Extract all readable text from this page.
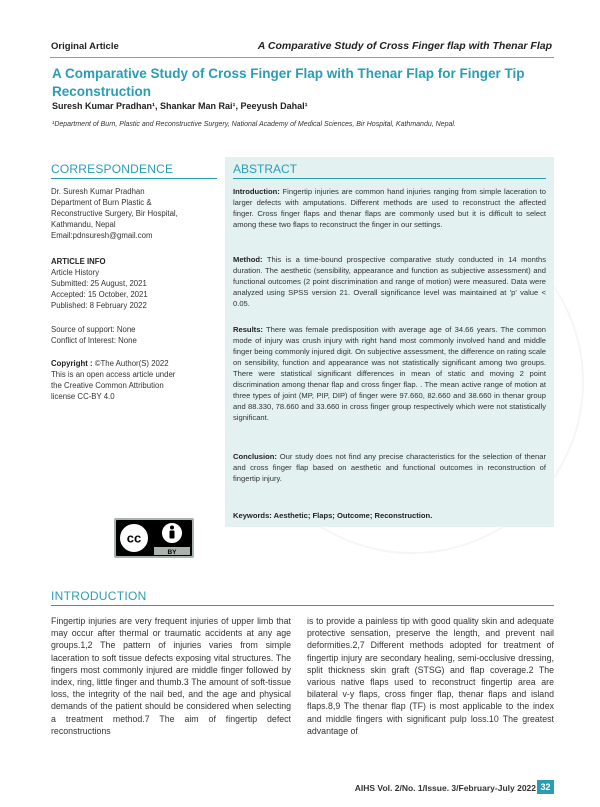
Original Article	A Comparative Study of Cross Finger flap with Thenar Flap
A Comparative Study of Cross Finger Flap with Thenar Flap for Finger Tip Reconstruction
Suresh Kumar Pradhan¹, Shankar Man Rai¹, Peeyush Dahal¹
¹Department of Burn, Plastic and Reconstructive Surgery, National Academy of Medical Sciences, Bir Hospital, Kathmandu, Nepal.
CORRESPONDENCE
Dr. Suresh Kumar Pradhan
Department of Burn Plastic &
Reconstructive Surgery, Bir Hospital,
Kathmandu, Nepal
Email:pdnsuresh@gmail.com
ARTICLE INFO
Article History
Submitted: 25 August, 2021
Accepted: 15 October, 2021
Published: 8 February 2022
Source of support: None
Conflict of Interest: None
Copyright : ©The Author(S) 2022 This is an open access article under the Creative Common Attribution license CC-BY 4.0
cc
BY
ABSTRACT
Introduction: Fingertip injuries are common hand injuries ranging from simple laceration to larger defects with amputations. Different methods are used to reconstruct the affected finger. Cross finger flaps and thenar flaps are commonly used but it is difficult to select among these two flaps to reconstruct the finger in our settings.
Method: This is a time-bound prospective comparative study conducted in 14 months duration. The aesthetic (sensibility, appearance and function as subjective assessment) and functional outcomes (2 point discrimination and range of motion) were measured. Data were analyzed using SPSS version 21. Overall significance level was maintained at 'p' value < 0.05.
Results: There was female predisposition with average age of 34.66 years. The common mode of injury was crush injury with right hand most commonly involved hand and middle finger being commonly injured digit. On subjective assessment, the difference on rating scale on sensibility, function and appearance was not statistically significant among two groups. There were statistical significant differences in mean of static and moving 2 point discrimination among thenar flap and cross finger flap. . The mean active range of motion at three types of joint (MP, PIP, DIP) of finger were 97.660, 82.660 and 38.660 in thenar group and 88.330, 78.660 and 33.660 in cross finger group respectively which were not statistically significant.
Conclusion: Our study does not find any precise characteristics for the selection of thenar and cross finger flap based on aesthetic and functional outcomes in reconstruction of fingertip injury.
Keywords: Aesthetic; Flaps; Outcome; Reconstruction.
INTRODUCTION
Fingertip injuries are very frequent injuries of upper limb that may occur after thermal or traumatic accidents at any age groups.1,2 The pattern of injuries varies from simple laceration to soft tissue defects exposing vital structures. The fingers most commonly injured are middle finger followed by index, ring, little finger and thumb.3 The amount of soft-tissue loss, the integrity of the nail bed, and the age and physical demands of the patient should be considered when selecting a treatment method.7 The aim of fingertip defect reconstructions
is to provide a painless tip with good quality skin and adequate protective sensation, preserve the length, and prevent nail deformities.2,7 Different methods adopted for treatment of fingertip injury are secondary healing, semi-occlusive dressing, split thickness skin graft (STSG) and flap coverage.2 The various native flaps used to reconstruct fingertip area are bilateral v-y flaps, cross finger flap, thenar flaps and island flaps.8,9 The thenar flap (TF) is most applicable to the index and middle fingers with significant pulp loss.10 The greatest advantage of
AIHS Vol. 2/No. 1/Issue. 3/February-July 2022 32
